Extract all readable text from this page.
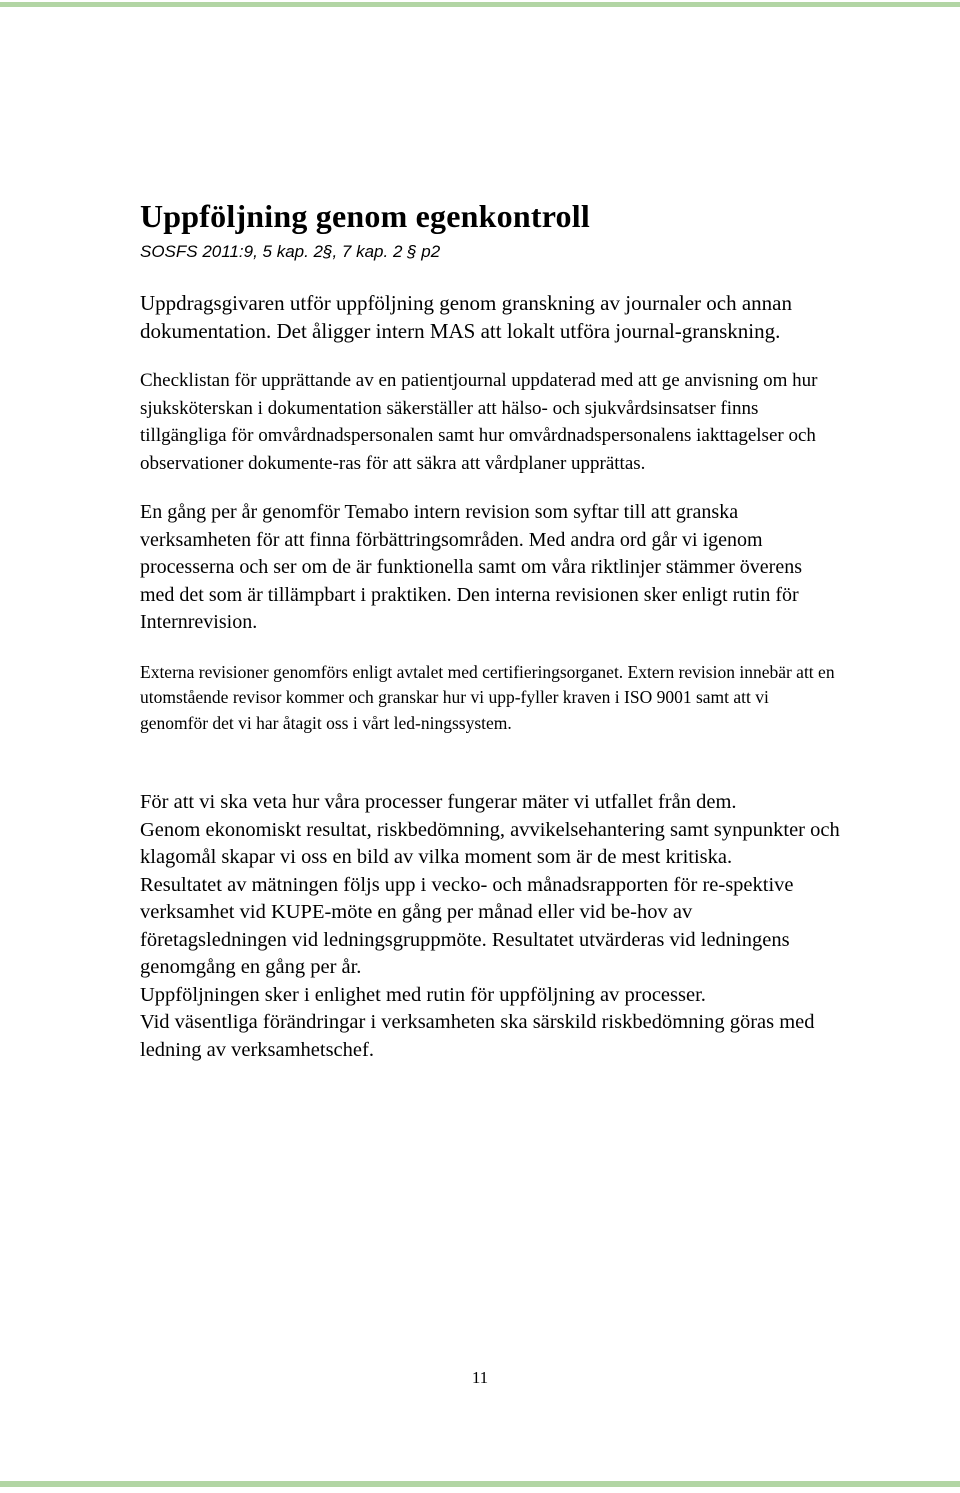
Uppföljning genom egenkontroll
SOSFS 2011:9, 5 kap. 2§, 7 kap. 2 § p2

Uppdragsgivaren utför uppföljning genom granskning av journaler och annan dokumentation. Det åligger intern MAS att lokalt utföra journal-granskning.

Checklistan för upprättande av en patientjournal uppdaterad med att ge anvisning om hur sjuksköterskan i dokumentation säkerställer att hälso- och sjukvårdsinsatser finns tillgängliga för omvårdnadspersonalen samt hur omvårdnadspersonalens iakttagelser och observationer dokumente-ras för att säkra att vårdplaner upprättas.

En gång per år genomför Temabo intern revision som syftar till att granska verksamheten för att finna förbättringsområden. Med andra ord går vi igenom processerna och ser om de är funktionella samt om våra riktlinjer stämmer överens med det som är tillämpbart i praktiken. Den interna revisionen sker enligt rutin för Internrevision.

Externa revisioner genomförs enligt avtalet med certifieringsorganet. Extern revision innebär att en utomstående revisor kommer och granskar hur vi upp-fyller kraven i ISO 9001 samt att vi genomför det vi har åtagit oss i vårt led-ningssystem.

För att vi ska veta hur våra processer fungerar mäter vi utfallet från dem.

Genom ekonomiskt resultat, riskbedömning, avvikelsehantering samt synpunkter och klagomål skapar vi oss en bild av vilka moment som är de mest kritiska.

Resultatet av mätningen följs upp i vecko- och månadsrapporten för re-spektive verksamhet vid KUPE-möte en gång per månad eller vid be-hov av företagsledningen vid ledningsgruppmöte. Resultatet utvärderas vid ledningens genomgång en gång per år.

Uppföljningen sker i enlighet med rutin för uppföljning av processer.

Vid väsentliga förändringar i verksamheten ska särskild riskbedömning göras med ledning av verksamhetschef.

11
